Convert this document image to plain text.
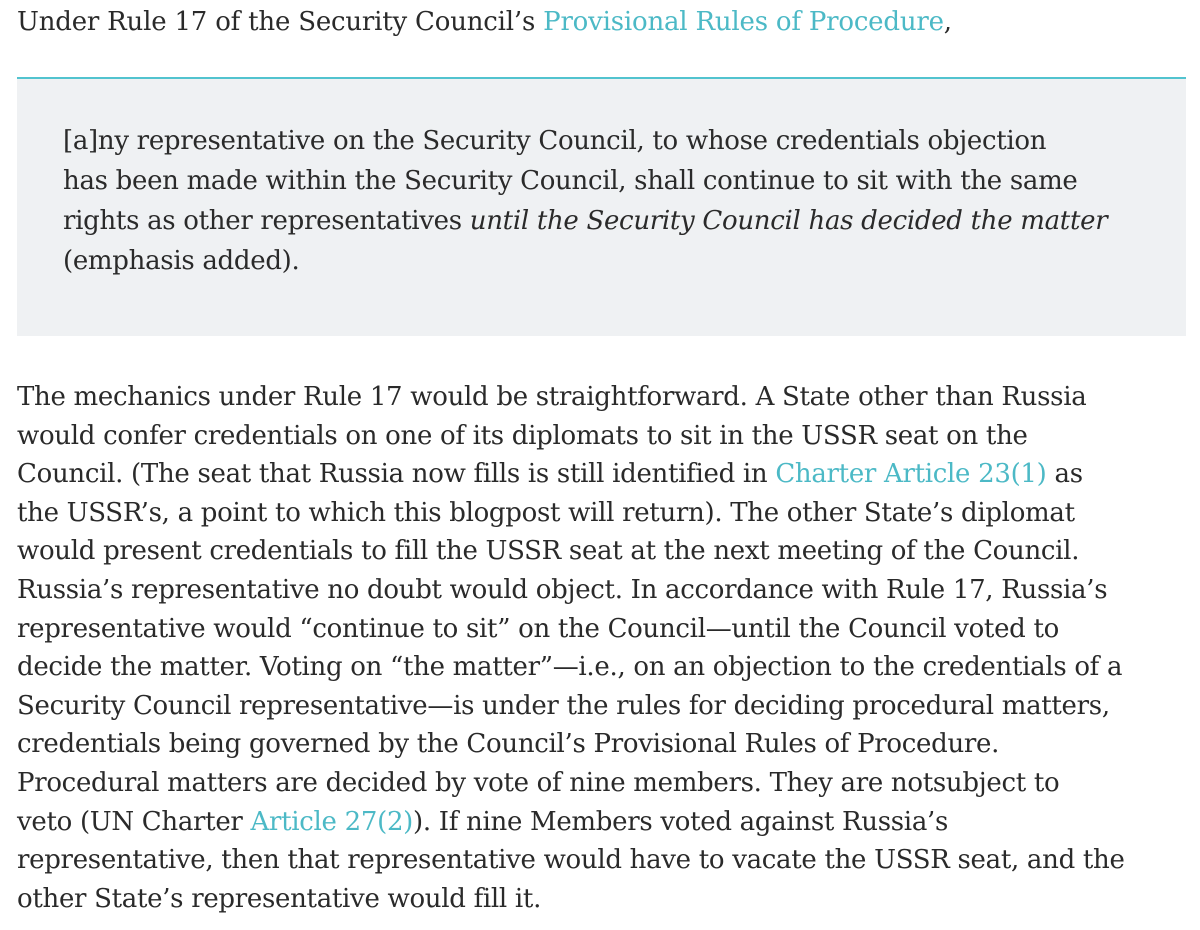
Under Rule 17 of the Security Council’s Provisional Rules of Procedure,

[a]ny representative on the Security Council, to whose credentials objection
has been made within the Security Council, shall continue to sit with the same
rights as other representatives until the Security Council has decided the matter
(emphasis added).

The mechanics under Rule 17 would be straightforward. A State other than Russia
would confer credentials on one of its diplomats to sit in the USSR seat on the
Council. (The seat that Russia now fills is still identified in Charter Article 23(1) as
the USSR’s, a point to which this blogpost will return). The other State’s diplomat
would present credentials to fill the USSR seat at the next meeting of the Council.
Russia’s representative no doubt would object. In accordance with Rule 17, Russia’s
representative would “continue to sit” on the Council—until the Council voted to
decide the matter. Voting on “the matter”—i.e., on an objection to the credentials of a
Security Council representative—is under the rules for deciding procedural matters,
credentials being governed by the Council’s Provisional Rules of Procedure.
Procedural matters are decided by vote of nine members. They are notsubject to
veto (UN Charter Article 27(2)). If nine Members voted against Russia’s
representative, then that representative would have to vacate the USSR seat, and the
other State’s representative would fill it.
